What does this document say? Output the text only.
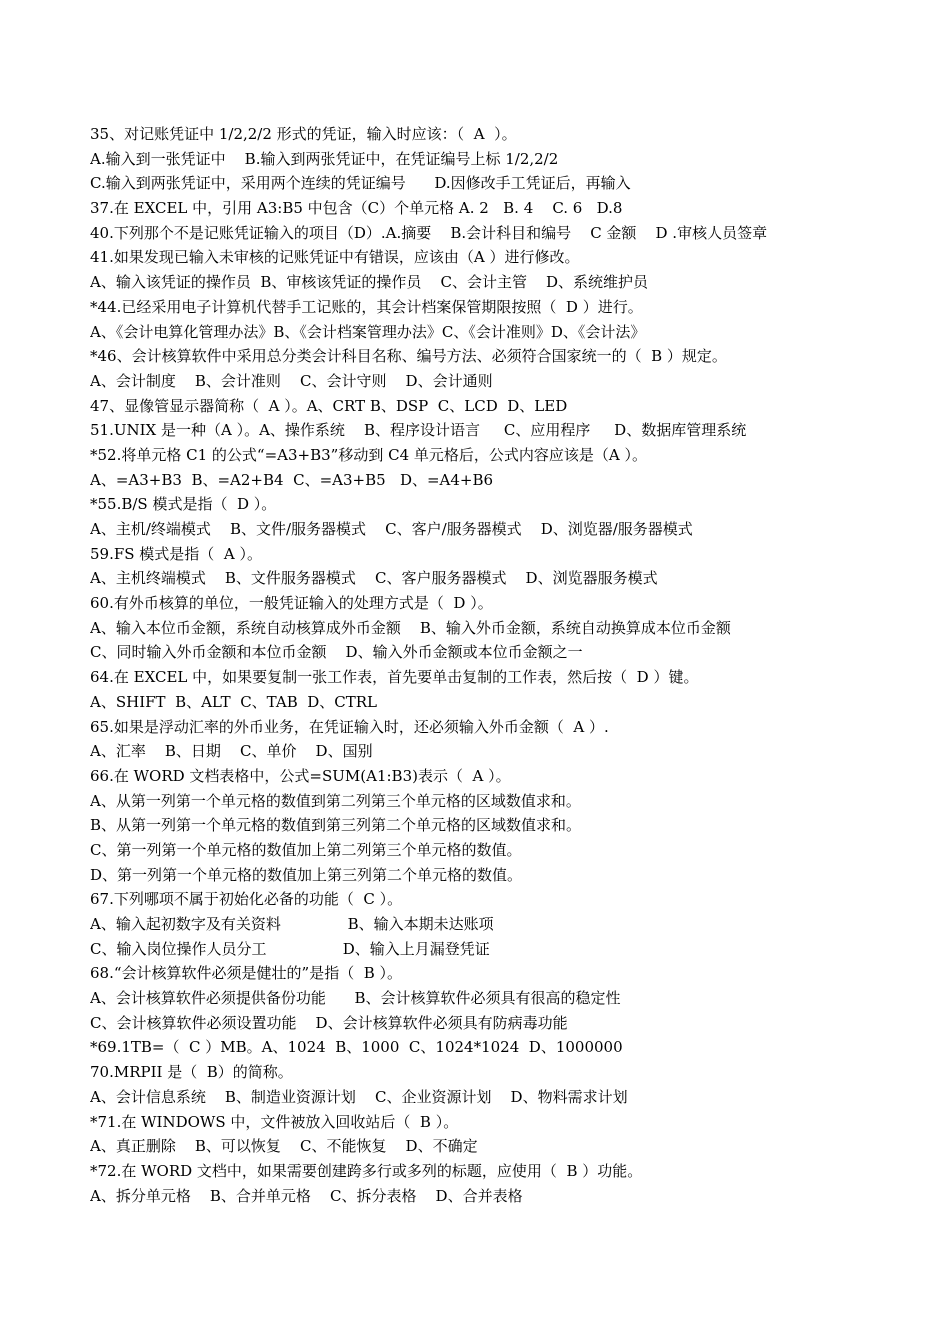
35、对记账凭证中 1/2,2/2 形式的凭证，输入时应该：（  A  ）。
A.输入到一张凭证中    B.输入到两张凭证中，在凭证编号上标 1/2,2/2
C.输入到两张凭证中，采用两个连续的凭证编号      D.因修改手工凭证后，再输入
37.在 EXCEL 中，引用 A3:B5 中包含（C）个单元格 A. 2   B. 4    C. 6   D.8
40.下列那个不是记账凭证输入的项目（D）.A.摘要    B.会计科目和编号    C 金额    D .审核人员签章
41.如果发现已输入未审核的记账凭证中有错误，应该由（A ）进行修改。
A、输入该凭证的操作员  B、审核该凭证的操作员    C、会计主管    D、系统维护员
*44.已经采用电子计算机代替手工记账的，其会计档案保管期限按照（  D ）进行。
A、《会计电算化管理办法》B、《会计档案管理办法》C、《会计准则》D、《会计法》
*46、会计核算软件中采用总分类会计科目名称、编号方法、必须符合国家统一的（  B ）规定。
A、会计制度    B、会计准则    C、会计守则    D、会计通则
47、显像管显示器简称（  A ）。A、CRT B、DSP  C、LCD  D、LED
51.UNIX 是一种（A ）。A、操作系统    B、程序设计语言     C、应用程序     D、数据库管理系统
*52.将单元格 C1 的公式“=A3+B3”移动到 C4 单元格后，公式内容应该是（A ）。
A、=A3+B3  B、=A2+B4  C、=A3+B5   D、=A4+B6
*55.B/S 模式是指（  D ）。
A、主机/终端模式    B、文件/服务器模式    C、客户/服务器模式    D、浏览器/服务器模式
59.FS 模式是指（  A ）。
A、主机终端模式    B、文件服务器模式    C、客户服务器模式    D、浏览器服务模式
60.有外币核算的单位，一般凭证输入的处理方式是（  D ）。
A、输入本位币金额，系统自动核算成外币金额    B、输入外币金额，系统自动换算成本位币金额
C、同时输入外币金额和本位币金额    D、输入外币金额或本位币金额之一
64.在 EXCEL 中，如果要复制一张工作表，首先要单击复制的工作表，然后按（  D ）键。
A、SHIFT  B、ALT  C、TAB  D、CTRL
65.如果是浮动汇率的外币业务，在凭证输入时，还必须输入外币金额（  A ）.
A、汇率    B、日期    C、单价    D、国别
66.在 WORD 文档表格中，公式=SUM(A1:B3)表示（  A ）。
A、从第一列第一个单元格的数值到第二列第三个单元格的区域数值求和。
B、从第一列第一个单元格的数值到第三列第二个单元格的区域数值求和。
C、第一列第一个单元格的数值加上第二列第三个单元格的数值。
D、第一列第一个单元格的数值加上第三列第二个单元格的数值。
67.下列哪项不属于初始化必备的功能（  C ）。
A、输入起初数字及有关资料              B、输入本期未达账项
C、输入岗位操作人员分工                D、输入上月漏登凭证
68.“会计核算软件必须是健壮的”是指（  B ）。
A、会计核算软件必须提供备份功能      B、会计核算软件必须具有很高的稳定性
C、会计核算软件必须设置功能    D、会计核算软件必须具有防病毒功能
*69.1TB=（  C ）MB。A、1024  B、1000  C、1024*1024  D、1000000
70.MRPII 是（  B）的简称。
A、会计信息系统    B、制造业资源计划    C、企业资源计划    D、物料需求计划
*71.在 WINDOWS 中，文件被放入回收站后（  B ）。
A、真正删除    B、可以恢复    C、不能恢复    D、不确定
*72.在 WORD 文档中，如果需要创建跨多行或多列的标题，应使用（  B ）功能。
A、拆分单元格    B、合并单元格    C、拆分表格    D、合并表格
